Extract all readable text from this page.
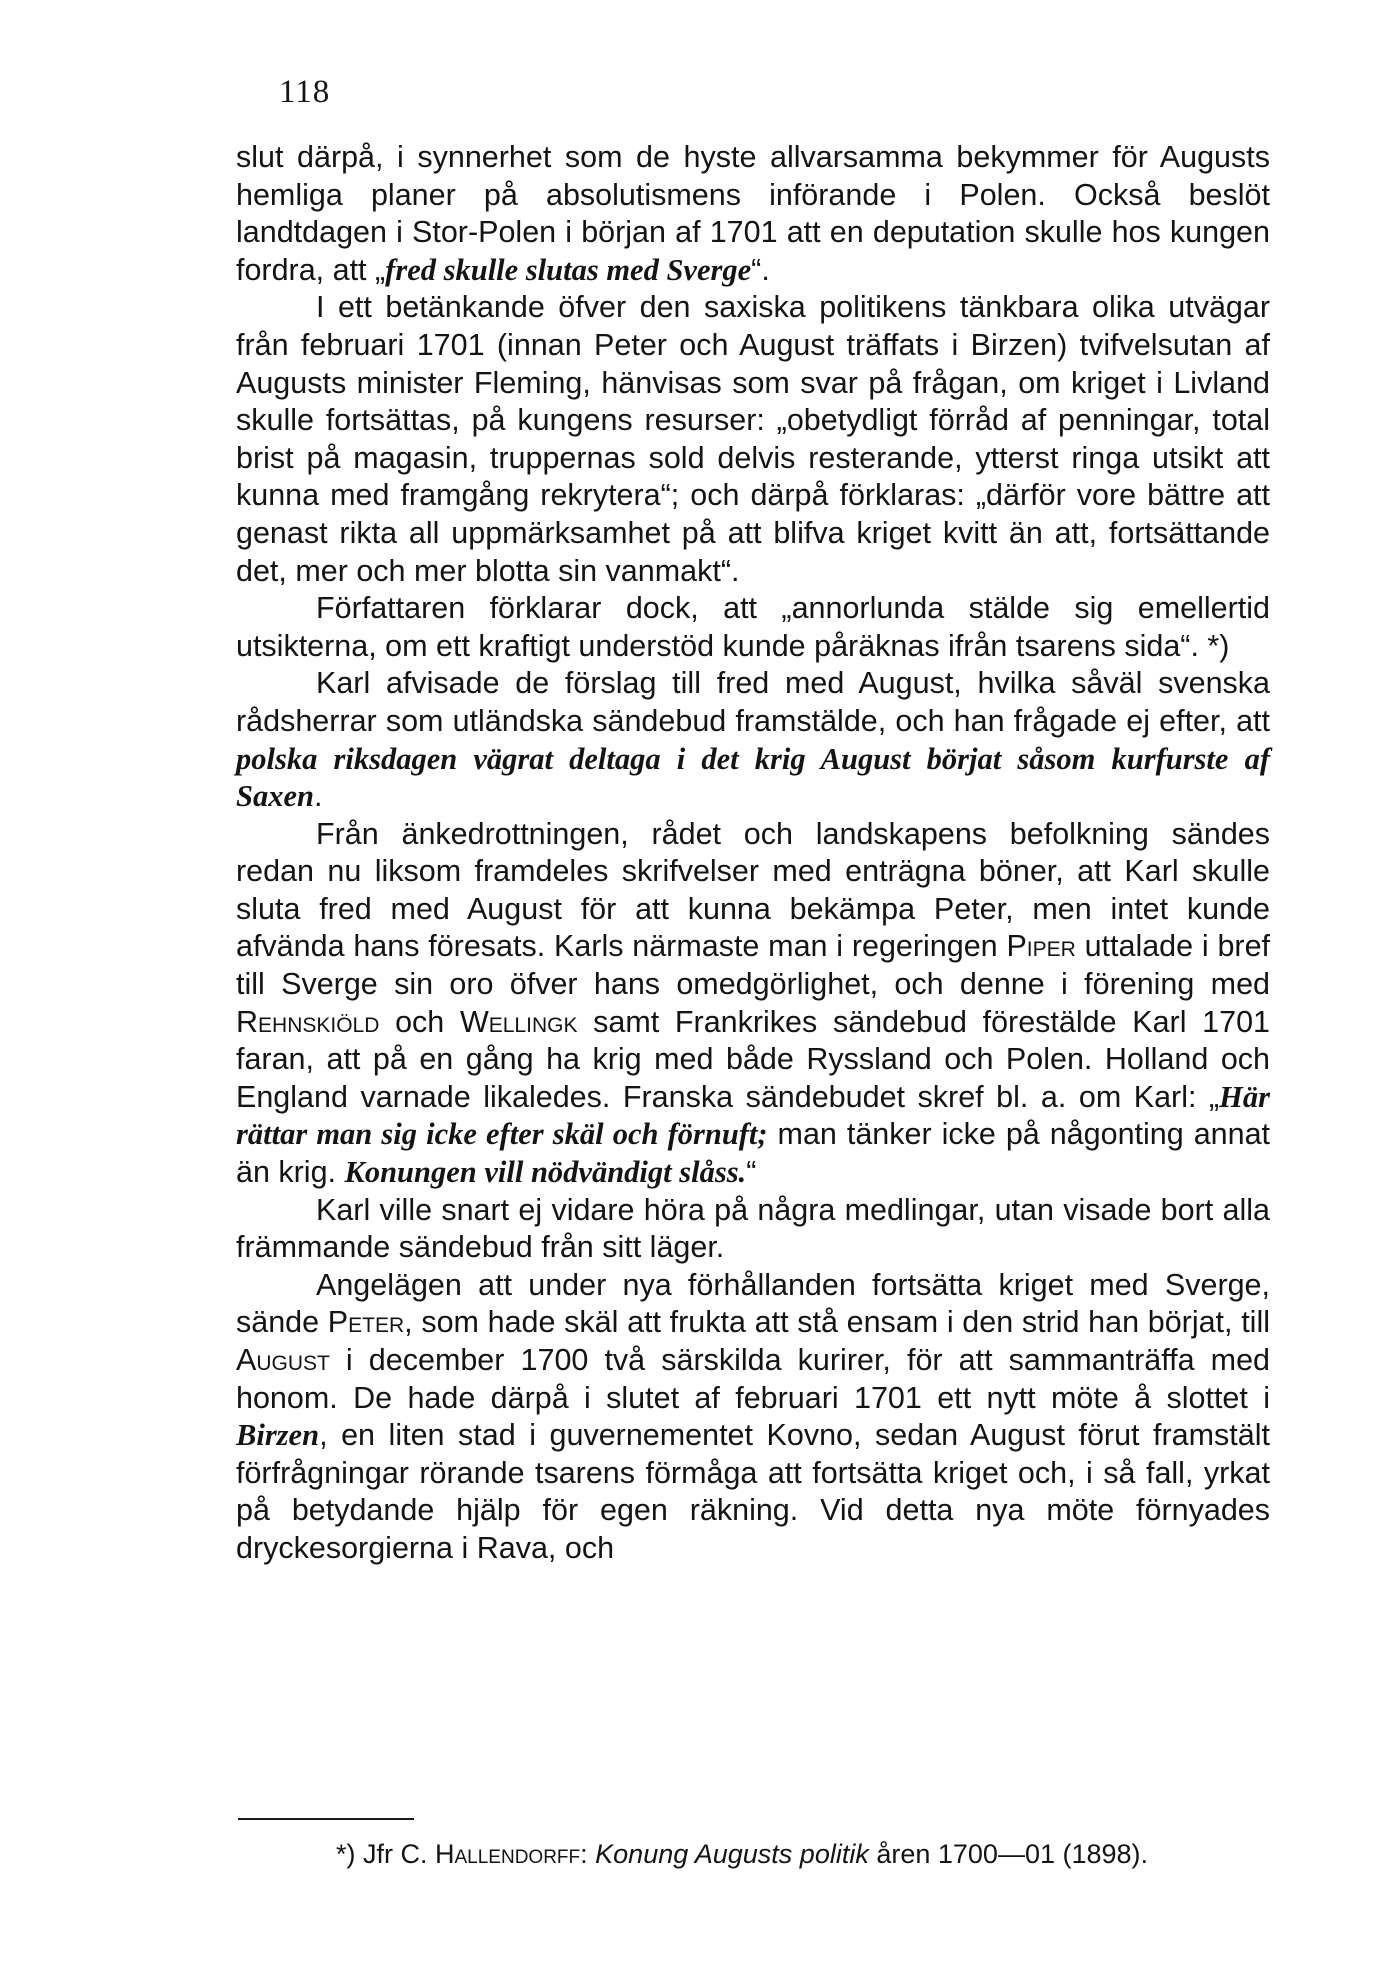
118

slut därpå, i synnerhet som de hyste allvarsamma bekymmer för Augusts hemliga planer på absolutismens införande i Polen. Också beslöt landtdagen i Stor-Polen i början af 1701 att en deputation skulle hos kungen fordra, att „fred skulle slutas med Sverge“.

I ett betänkande öfver den saxiska politikens tänkbara olika utvägar från februari 1701 (innan Peter och August träffats i Birzen) tvifvelsutan af Augusts minister Fleming, hänvisas som svar på frågan, om kriget i Livland skulle fortsättas, på kungens resurser: „obetydligt förråd af penningar, total brist på magasin, truppernas sold delvis resterande, ytterst ringa utsikt att kunna med framgång rekrytera“; och därpå förklaras: „därför vore bättre att genast rikta all uppmärksamhet på att blifva kriget kvitt än att, fortsättande det, mer och mer blotta sin vanmakt“.

Författaren förklarar dock, att „annorlunda stälde sig emellertid utsikterna, om ett kraftigt understöd kunde påräknas ifrån tsarens sida“. *)

Karl afvisade de förslag till fred med August, hvilka såväl svenska rådsherrar som utländska sändebud framstälde, och han frågade ej efter, att polska riksdagen vägrat deltaga i det krig August börjat såsom kurfurste af Saxen.

Från änkedrottningen, rådet och landskapens befolkning sändes redan nu liksom framdeles skrifvelser med enträgna böner, att Karl skulle sluta fred med August för att kunna bekämpa Peter, men intet kunde afvända hans föresats. Karls närmaste man i regeringen Piper uttalade i bref till Sverge sin oro öfver hans omedgörlighet, och denne i förening med Rehnskiöld och Wellingk samt Frankrikes sändebud förestälde Karl 1701 faran, att på en gång ha krig med både Ryssland och Polen. Holland och England varnade likaledes. Franska sändebudet skref bl. a. om Karl: „Här rättar man sig icke efter skäl och förnuft; man tänker icke på någonting annat än krig. Konungen vill nödvändigt slåss.“

Karl ville snart ej vidare höra på några medlingar, utan visade bort alla främmande sändebud från sitt läger.

Angelägen att under nya förhållanden fortsätta kriget med Sverge, sände Peter, som hade skäl att frukta att stå ensam i den strid han börjat, till August i december 1700 två särskilda kurirer, för att sammanträffa med honom. De hade därpå i slutet af februari 1701 ett nytt möte å slottet i Birzen, en liten stad i guvernementet Kovno, sedan August förut framstält förfrågningar rörande tsarens förmåga att fortsätta kriget och, i så fall, yrkat på betydande hjälp för egen räkning. Vid detta nya möte förnyades dryckesorgierna i Rava, och

*) Jfr C. Hallendorff: Konung Augusts politik åren 1700—01 (1898).
